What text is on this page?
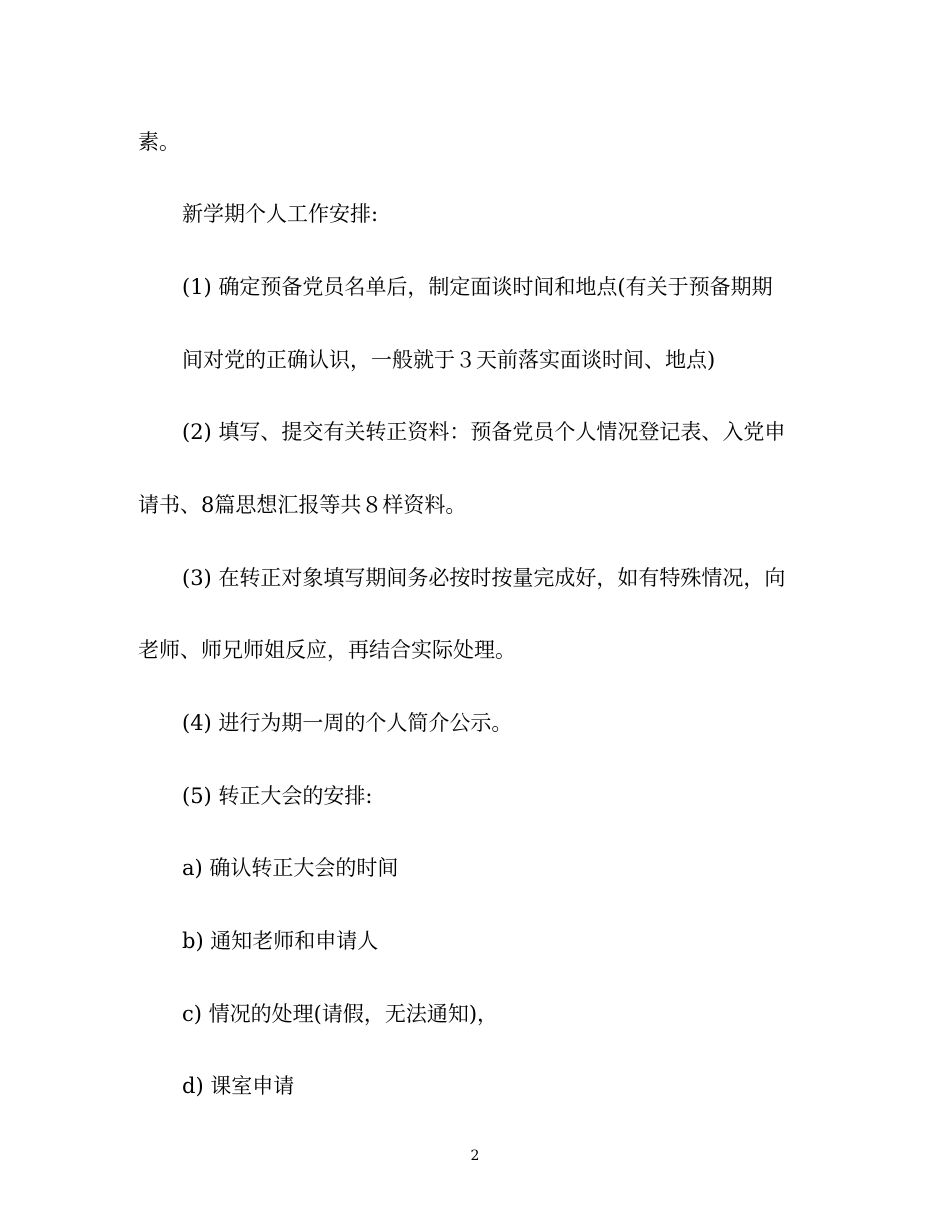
素。
新学期个人工作安排:
(1) 确定预备党员名单后，制定面谈时间和地点(有关于预备期期
间对党的正确认识，一般就于３天前落实面谈时间、地点)
(2) 填写、提交有关转正资料：预备党员个人情况登记表、入党申
请书、8篇思想汇报等共８样资料。
(3) 在转正对象填写期间务必按时按量完成好，如有特殊情况，向
老师、师兄师姐反应，再结合实际处理。
(4) 进行为期一周的个人简介公示。
(5) 转正大会的安排:
a) 确认转正大会的时间
b) 通知老师和申请人
c) 情况的处理(请假，无法通知)，
d) 课室申请
2
